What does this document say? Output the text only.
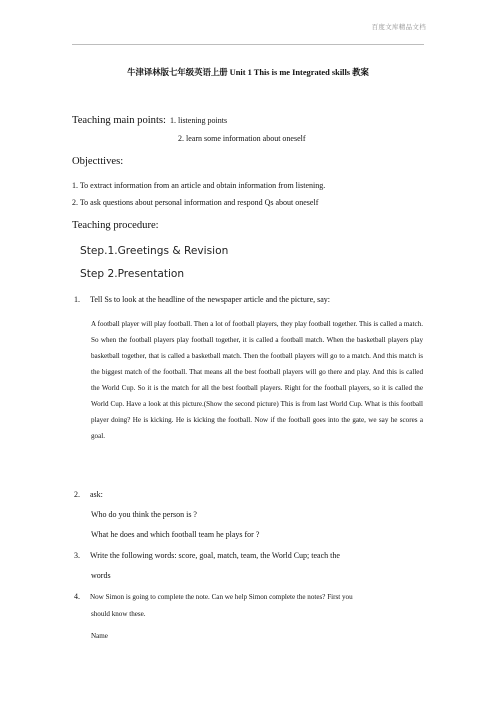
百度文库精品文档
牛津译林版七年级英语上册 Unit 1 This is me Integrated skills 教案
Teaching main points: 1. listening points
2. learn some information about oneself
Objecttives:
1. To extract information from an article and obtain information from listening.
2. To ask questions about personal information and respond Qs about oneself
Teaching procedure:
Step.1.Greetings & Revision
Step 2.Presentation
1. Tell Ss to look at the headline of the newspaper article and the picture, say:
A football player will play football. Then a lot of football players, they play football together. This is called a match. So when the football players play football together, it is called a football match. When the basketball players play basketball together, that is called a basketball match. Then the football players will go to a match. And this match is the biggest match of the football. That means all the best football players will go there and play. And this is called the World Cup. So it is the match for all the best football players. Right for the football players, so it is called the World Cup. Have a look at this picture.(Show the second picture) This is from last World Cup. What is this football player doing? He is kicking. He is kicking the football. Now if the football goes into the gate, we say he scores a goal.
2. ask:
Who do you think the person is ?
What he does and which football team he plays for ?
3. Write the following words: score, goal, match, team, the World Cup; teach the
words
4. Now Simon is going to complete the note. Can we help Simon complete the notes? First you
should know these.
Name
